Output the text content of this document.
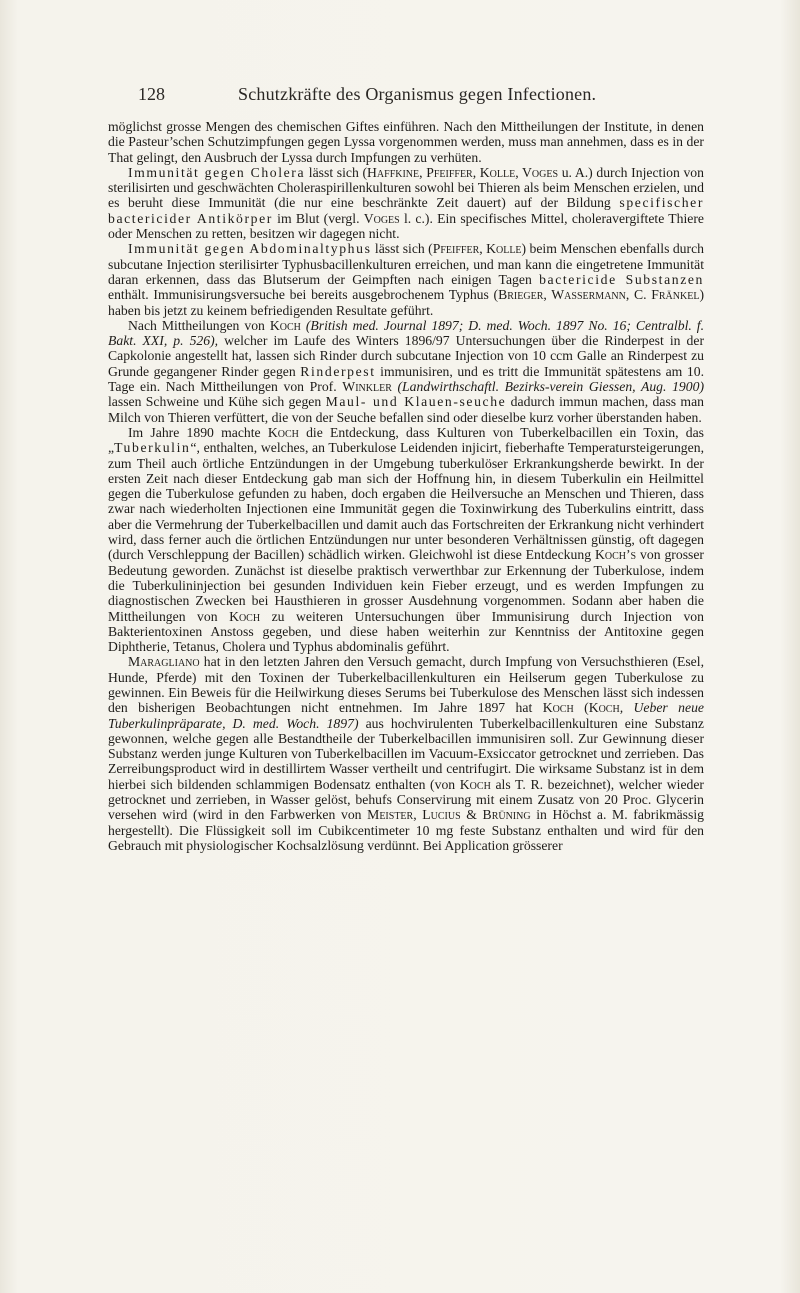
128	Schutzkräfte des Organismus gegen Infectionen.

möglichst grosse Mengen des chemischen Giftes einführen. Nach den Mittheilungen der Institute, in denen die Pasteur’schen Schutzimpfungen gegen Lyssa vorgenommen werden, muss man annehmen, dass es in der That gelingt, den Ausbruch der Lyssa durch Impfungen zu verhüten.

Immunität gegen Cholera lässt sich (Haffkine, Pfeiffer, Kolle, Voges u. A.) durch Injection von sterilisirten und geschwächten Choleraspirillenkulturen sowohl bei Thieren als beim Menschen erzielen, und es beruht diese Immunität (die nur eine beschränkte Zeit dauert) auf der Bildung specifischer bactericider Antikörper im Blut (vergl. Voges l. c.). Ein specifisches Mittel, choleravergiftete Thiere oder Menschen zu retten, besitzen wir dagegen nicht.

Immunität gegen Abdominaltyphus lässt sich (Pfeiffer, Kolle) beim Menschen ebenfalls durch subcutane Injection sterilisirter Typhusbacillenkulturen erreichen, und man kann die eingetretene Immunität daran erkennen, dass das Blutserum der Geimpften nach einigen Tagen bactericide Substanzen enthält. Immunisirungsversuche bei bereits ausgebrochenem Typhus (Brieger, Wassermann, C. Fränkel) haben bis jetzt zu keinem befriedigenden Resultate geführt.

Nach Mittheilungen von Koch (British med. Journal 1897; D. med. Woch. 1897 No. 16; Centralbl. f. Bakt. XXI, p. 526), welcher im Laufe des Winters 1896/97 Untersuchungen über die Rinderpest in der Capkolonie angestellt hat, lassen sich Rinder durch subcutane Injection von 10 ccm Galle an Rinderpest zu Grunde gegangener Rinder gegen Rinderpest immunisiren, und es tritt die Immunität spätestens am 10. Tage ein. Nach Mittheilungen von Prof. Winkler (Landwirthschaftl. Bezirks-verein Giessen, Aug. 1900) lassen Schweine und Kühe sich gegen Maul- und Klauen-seuche dadurch immun machen, dass man Milch von Thieren verfüttert, die von der Seuche befallen sind oder dieselbe kurz vorher überstanden haben.

Im Jahre 1890 machte Koch die Entdeckung, dass Kulturen von Tuberkelbacillen ein Toxin, das „Tuberkulin“, enthalten, welches, an Tuberkulose Leidenden injicirt, fieberhafte Temperatursteigerungen, zum Theil auch örtliche Entzündungen in der Umgebung tuberkulöser Erkrankungsherde bewirkt. In der ersten Zeit nach dieser Entdeckung gab man sich der Hoffnung hin, in diesem Tuberkulin ein Heilmittel gegen die Tuberkulose gefunden zu haben, doch ergaben die Heilversuche an Menschen und Thieren, dass zwar nach wiederholten Injectionen eine Immunität gegen die Toxinwirkung des Tuberkulins eintritt, dass aber die Vermehrung der Tuberkelbacillen und damit auch das Fortschreiten der Erkrankung nicht verhindert wird, dass ferner auch die örtlichen Entzündungen nur unter besonderen Verhältnissen günstig, oft dagegen (durch Verschleppung der Bacillen) schädlich wirken. Gleichwohl ist diese Entdeckung Koch’s von grosser Bedeutung geworden. Zunächst ist dieselbe praktisch verwerthbar zur Erkennung der Tuberkulose, indem die Tuberkulininjection bei gesunden Individuen kein Fieber erzeugt, und es werden Impfungen zu diagnostischen Zwecken bei Hausthieren in grosser Ausdehnung vorgenommen. Sodann aber haben die Mittheilungen von Koch zu weiteren Untersuchungen über Immunisirung durch Injection von Bakterientoxinen Anstoss gegeben, und diese haben weiterhin zur Kenntniss der Antitoxine gegen Diphtherie, Tetanus, Cholera und Typhus abdominalis geführt.

Maragliano hat in den letzten Jahren den Versuch gemacht, durch Impfung von Versuchsthieren (Esel, Hunde, Pferde) mit den Toxinen der Tuberkelbacillenkulturen ein Heilserum gegen Tuberkulose zu gewinnen. Ein Beweis für die Heilwirkung dieses Serums bei Tuberkulose des Menschen lässt sich indessen den bisherigen Beobachtungen nicht entnehmen. Im Jahre 1897 hat Koch (Koch, Ueber neue Tuberkulinpräparate, D. med. Woch. 1897) aus hochvirulenten Tuberkelbacillenkulturen eine Substanz gewonnen, welche gegen alle Bestandtheile der Tuberkelbacillen immunisiren soll. Zur Gewinnung dieser Substanz werden junge Kulturen von Tuberkelbacillen im Vacuum-Exsiccator getrocknet und zerrieben. Das Zerreibungsproduct wird in destillirtem Wasser vertheilt und centrifugirt. Die wirksame Substanz ist in dem hierbei sich bildenden schlammigen Bodensatz enthalten (von Koch als T. R. bezeichnet), welcher wieder getrocknet und zerrieben, in Wasser gelöst, behufs Conservirung mit einem Zusatz von 20 Proc. Glycerin versehen wird (wird in den Farbwerken von Meister, Lucius & Brüning in Höchst a. M. fabrikmässig hergestellt). Die Flüssigkeit soll im Cubikcentimeter 10 mg feste Substanz enthalten und wird für den Gebrauch mit physiologischer Kochsalzlösung verdünnt. Bei Application grösserer
